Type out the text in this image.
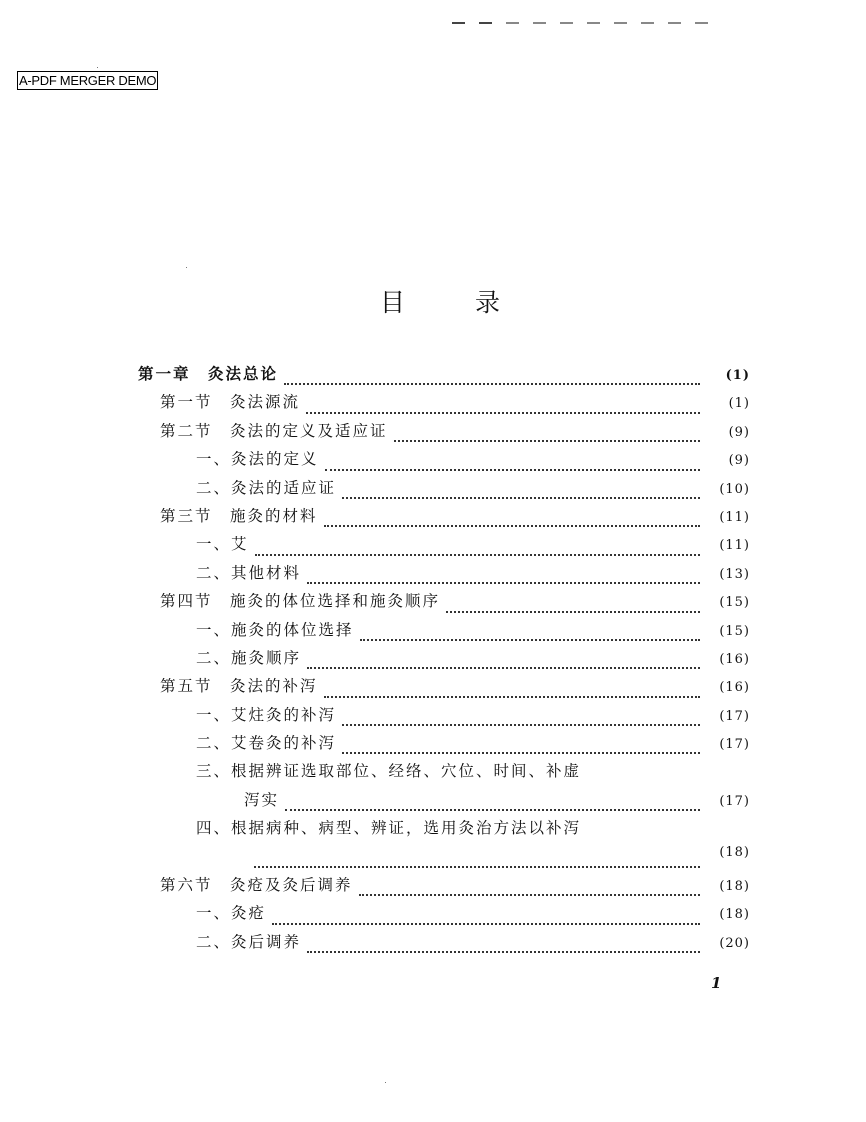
A-PDF MERGER DEMO
目录
第一章　灸法总论	(1)
第一节　灸法源流	(1)
第二节　灸法的定义及适应证	(9)
一、灸法的定义	(9)
二、灸法的适应证	(10)
第三节　施灸的材料	(11)
一、艾	(11)
二、其他材料	(13)
第四节　施灸的体位选择和施灸顺序	(15)
一、施灸的体位选择	(15)
二、施灸顺序	(16)
第五节　灸法的补泻	(16)
一、艾炷灸的补泻	(17)
二、艾卷灸的补泻	(17)
三、根据辨证选取部位、经络、穴位、时间、补虚
泻实	(17)
四、根据病种、病型、辨证，选用灸治方法以补泻
(18)
第六节　灸疮及灸后调养	(18)
一、灸疮	(18)
二、灸后调养	(20)
1
